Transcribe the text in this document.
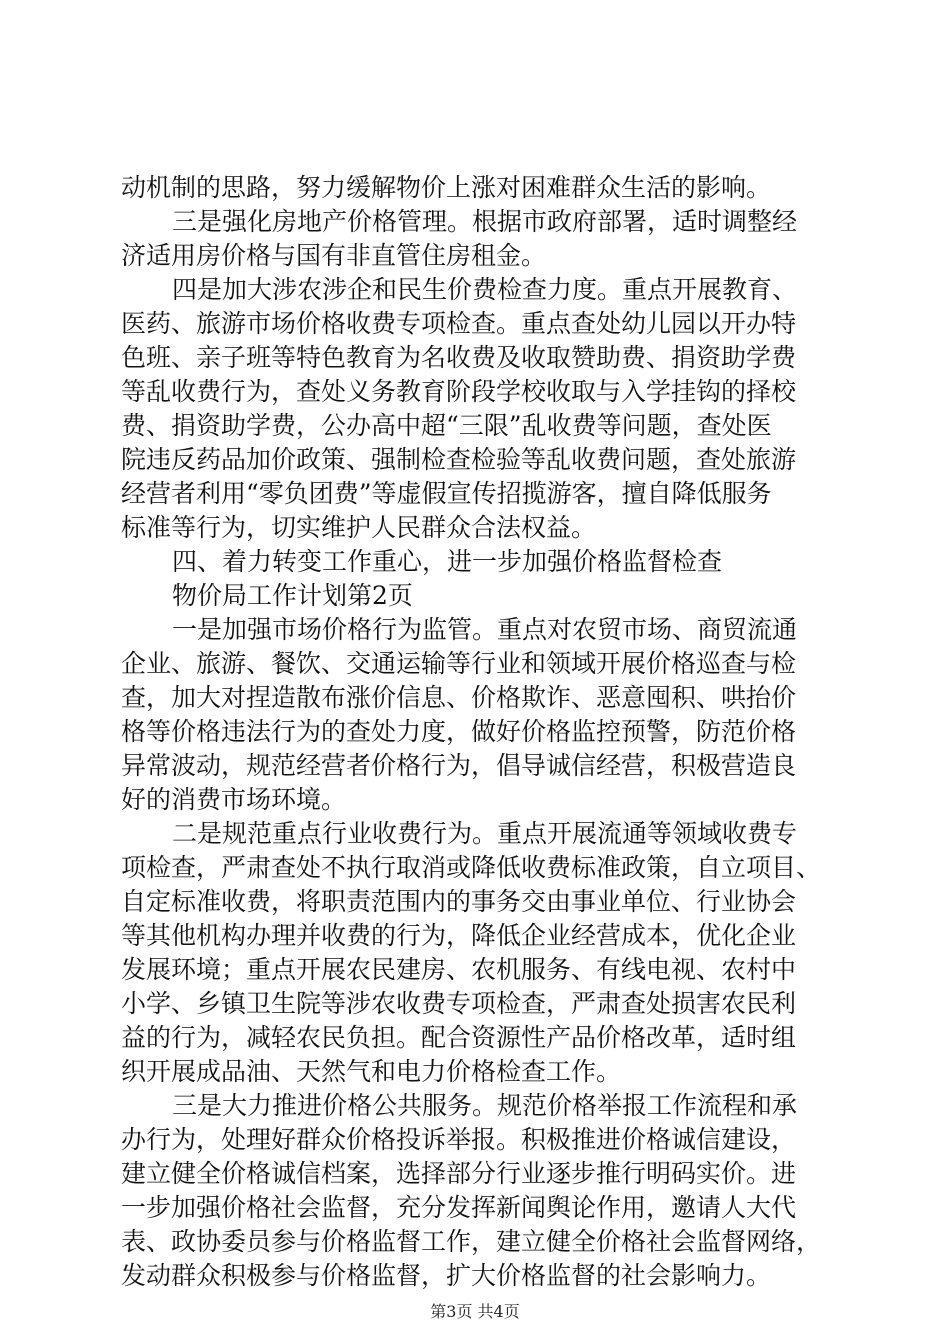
动机制的思路，努力缓解物价上涨对困难群众生活的影响。
三是强化房地产价格管理。根据市政府部署，适时调整经
济适用房价格与国有非直管住房租金。
四是加大涉农涉企和民生价费检查力度。重点开展教育、
医药、旅游市场价格收费专项检查。重点查处幼儿园以开办特
色班、亲子班等特色教育为名收费及收取赞助费、捐资助学费
等乱收费行为，查处义务教育阶段学校收取与入学挂钩的择校
费、捐资助学费，公办高中超“三限”乱收费等问题，查处医
院违反药品加价政策、强制检查检验等乱收费问题，查处旅游
经营者利用“零负团费”等虚假宣传招揽游客，擅自降低服务
标准等行为，切实维护人民群众合法权益。
四、着力转变工作重心，进一步加强价格监督检查
物价局工作计划第2页
一是加强市场价格行为监管。重点对农贸市场、商贸流通
企业、旅游、餐饮、交通运输等行业和领域开展价格巡查与检
查，加大对捏造散布涨价信息、价格欺诈、恶意囤积、哄抬价
格等价格违法行为的查处力度，做好价格监控预警，防范价格
异常波动，规范经营者价格行为，倡导诚信经营，积极营造良
好的消费市场环境。
二是规范重点行业收费行为。重点开展流通等领域收费专
项检查，严肃查处不执行取消或降低收费标准政策，自立项目、
自定标准收费，将职责范围内的事务交由事业单位、行业协会
等其他机构办理并收费的行为，降低企业经营成本，优化企业
发展环境；重点开展农民建房、农机服务、有线电视、农村中
小学、乡镇卫生院等涉农收费专项检查，严肃查处损害农民利
益的行为，减轻农民负担。配合资源性产品价格改革，适时组
织开展成品油、天然气和电力价格检查工作。
三是大力推进价格公共服务。规范价格举报工作流程和承
办行为，处理好群众价格投诉举报。积极推进价格诚信建设，
建立健全价格诚信档案，选择部分行业逐步推行明码实价。进
一步加强价格社会监督，充分发挥新闻舆论作用，邀请人大代
表、政协委员参与价格监督工作，建立健全价格社会监督网络，
发动群众积极参与价格监督，扩大价格监督的社会影响力。
第3页 共4页
